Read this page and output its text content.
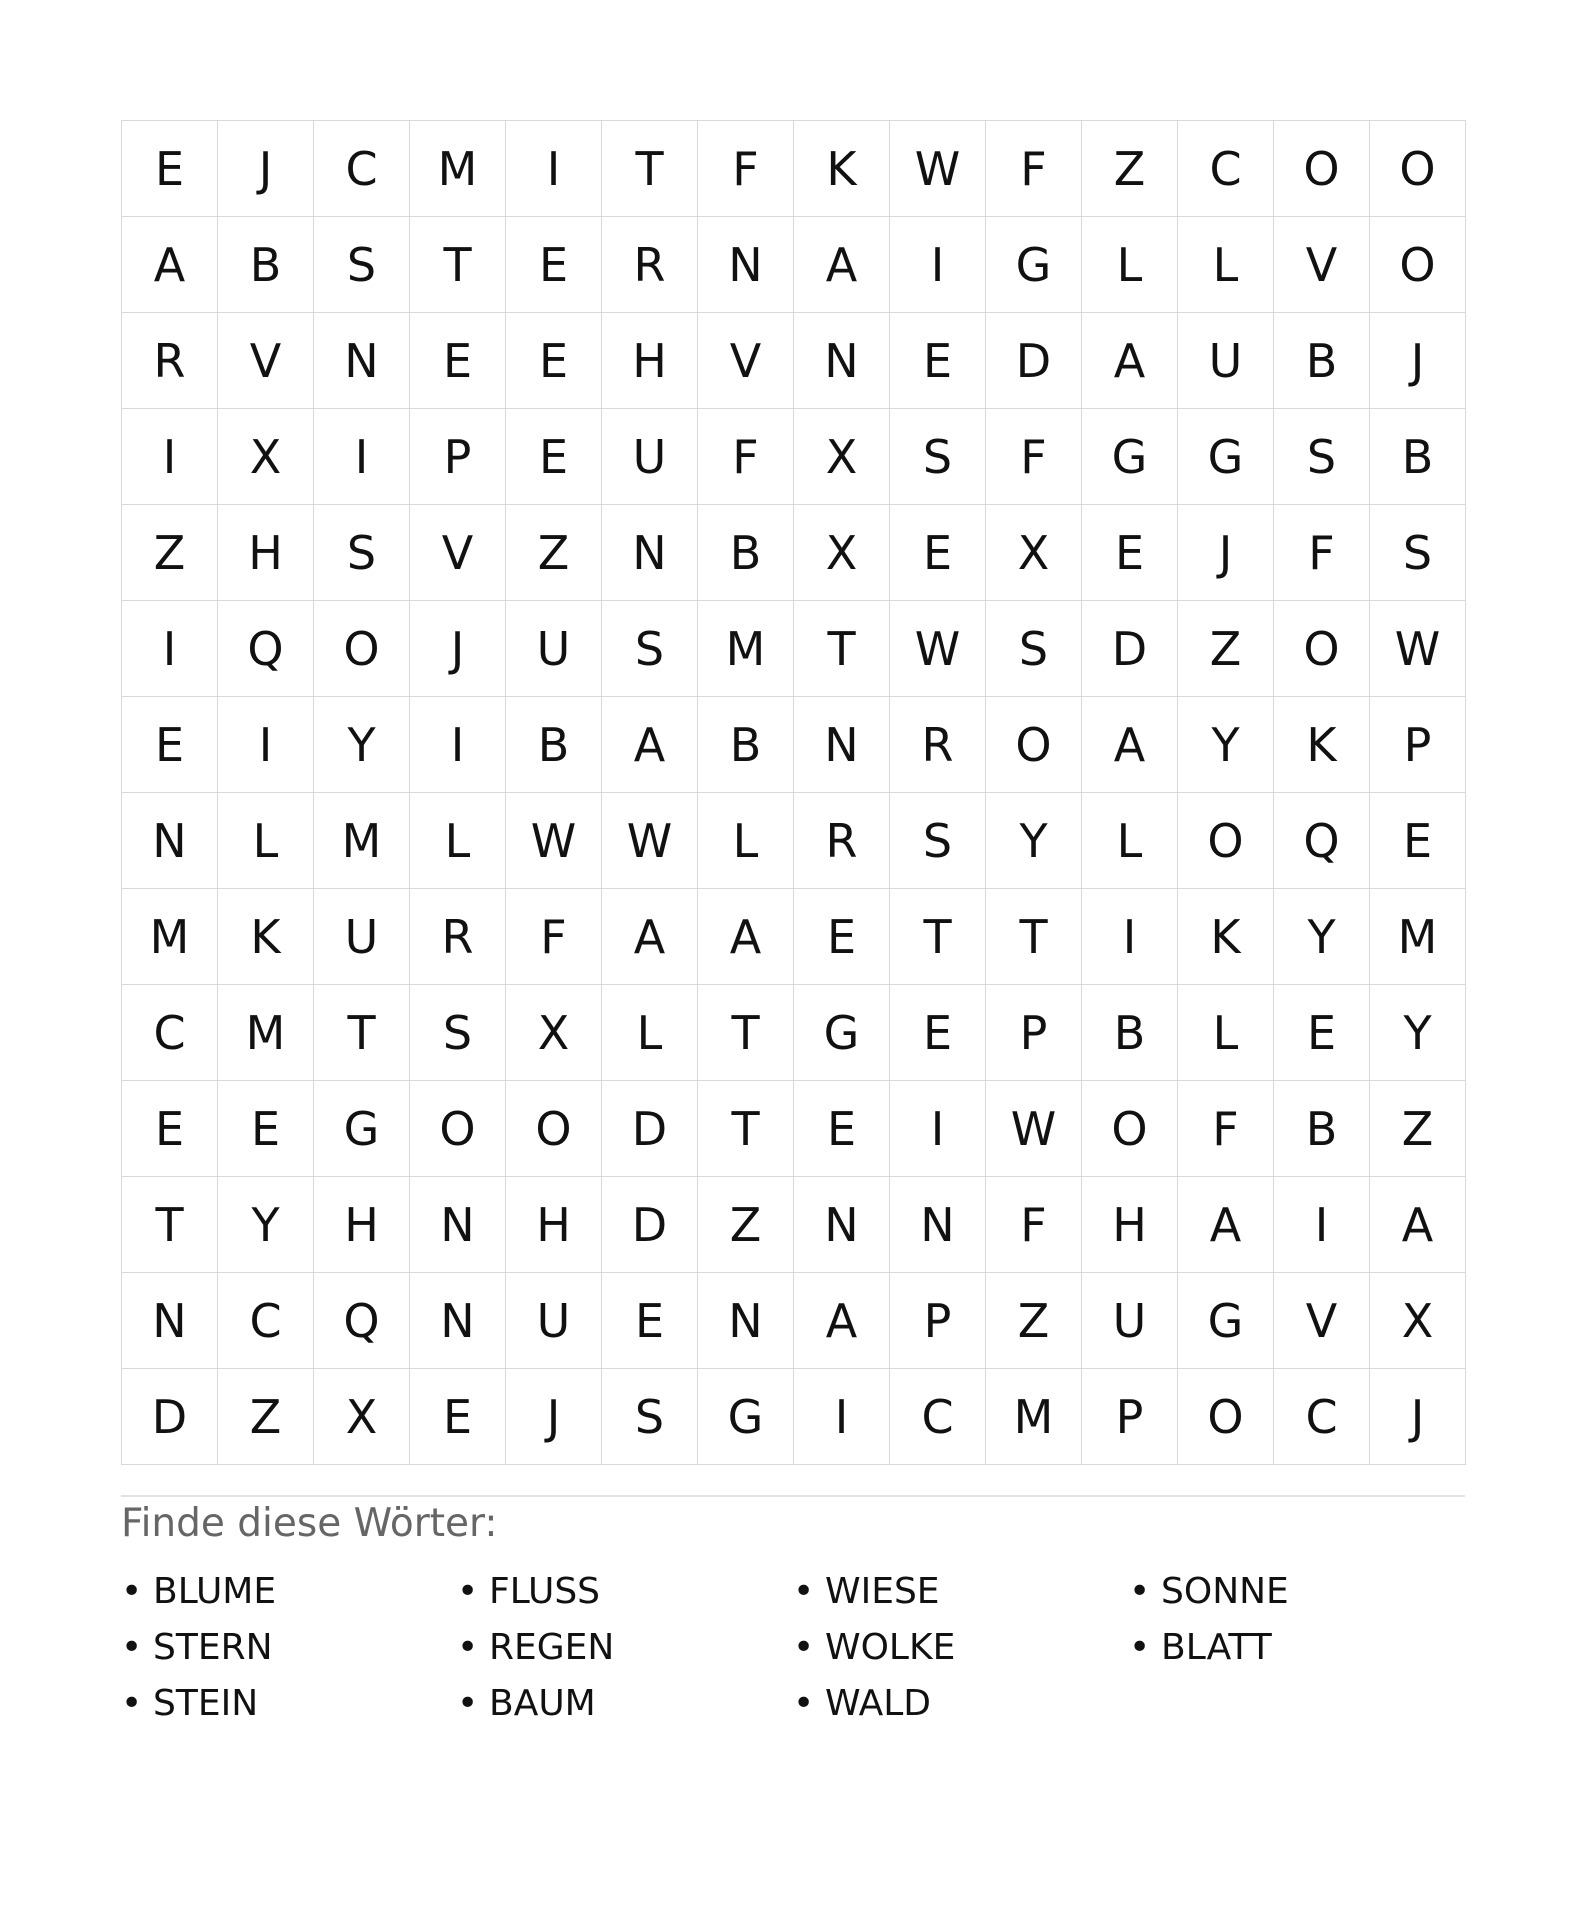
E	J	C	M	I	T	F	K	W	F	Z	C	O	O
A	B	S	T	E	R	N	A	I	G	L	L	V	O
R	V	N	E	E	H	V	N	E	D	A	U	B	J
I	X	I	P	E	U	F	X	S	F	G	G	S	B
Z	H	S	V	Z	N	B	X	E	X	E	J	F	S
I	Q	O	J	U	S	M	T	W	S	D	Z	O	W
E	I	Y	I	B	A	B	N	R	O	A	Y	K	P
N	L	M	L	W	W	L	R	S	Y	L	O	Q	E
M	K	U	R	F	A	A	E	T	T	I	K	Y	M
C	M	T	S	X	L	T	G	E	P	B	L	E	Y
E	E	G	O	O	D	T	E	I	W	O	F	B	Z
T	Y	H	N	H	D	Z	N	N	F	H	A	I	A
N	C	Q	N	U	E	N	A	P	Z	U	G	V	X
D	Z	X	E	J	S	G	I	C	M	P	O	C	J
Finde diese Wörter:
• BLUME	• FLUSS	• WIESE	• SONNE
• STERN	• REGEN	• WOLKE	• BLATT
• STEIN	• BAUM	• WALD
